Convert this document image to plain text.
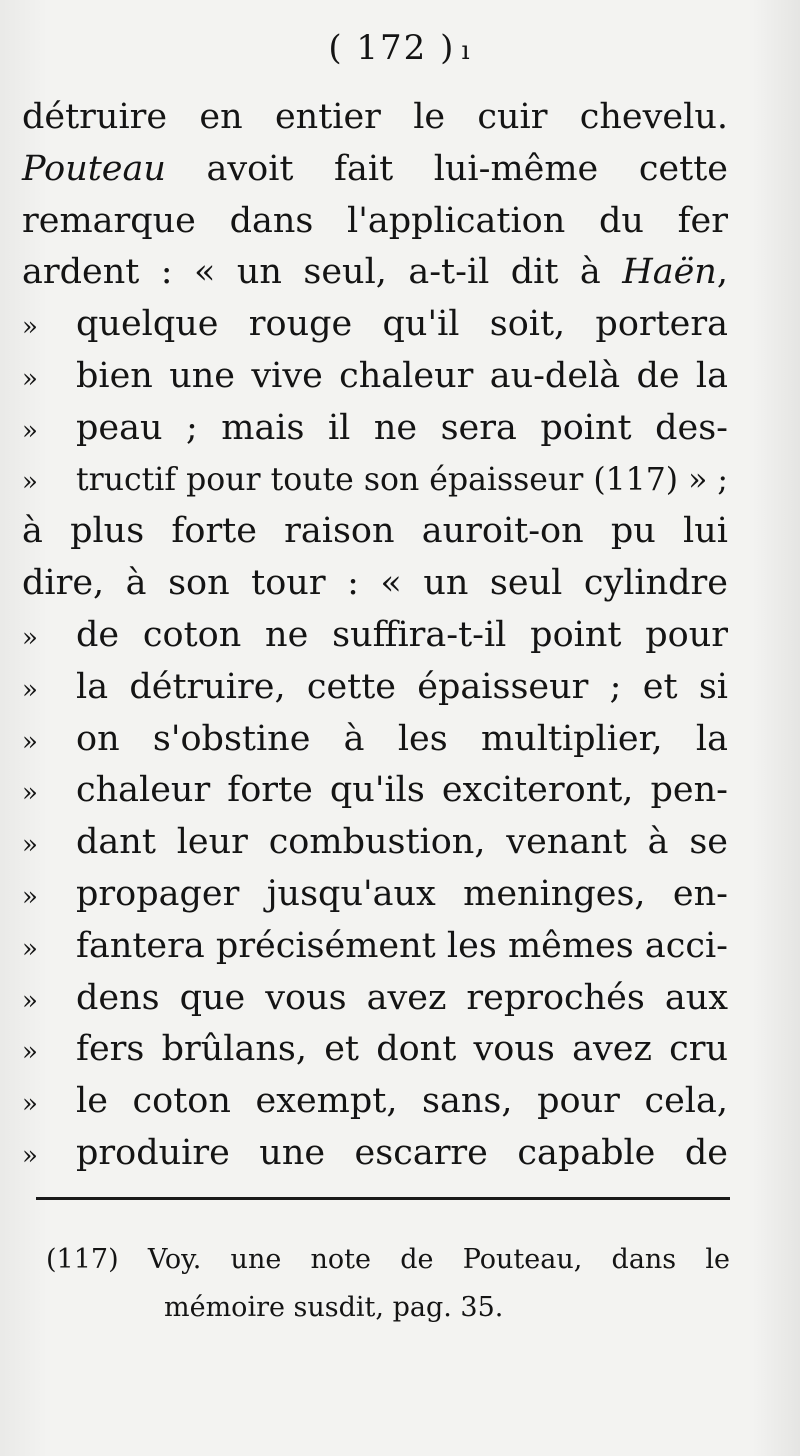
( 172 ) ı
détruire en entier le cuir chevelu.
Pouteau avoit fait lui-même cette
remarque dans l'application du fer
ardent : « un seul, a-t-il dit à Haën,
» quelque rouge qu'il soit, portera
» bien une vive chaleur au-delà de la
» peau ; mais il ne sera point des-
» tructif pour toute son épaisseur (117) » ;
à plus forte raison auroit-on pu lui
dire, à son tour : « un seul cylindre
» de coton ne suffira-t-il point pour
» la détruire, cette épaisseur ; et si
» on s'obstine à les multiplier, la
» chaleur forte qu'ils exciteront, pen-
» dant leur combustion, venant à se
» propager jusqu'aux meninges, en-
» fantera précisément les mêmes acci-
» dens que vous avez reprochés aux
» fers brûlans, et dont vous avez cru
» le coton exempt, sans, pour cela,
» produire une escarre capable de
(117) Voy. une note de Pouteau, dans le
mémoire susdit, pag. 35.
